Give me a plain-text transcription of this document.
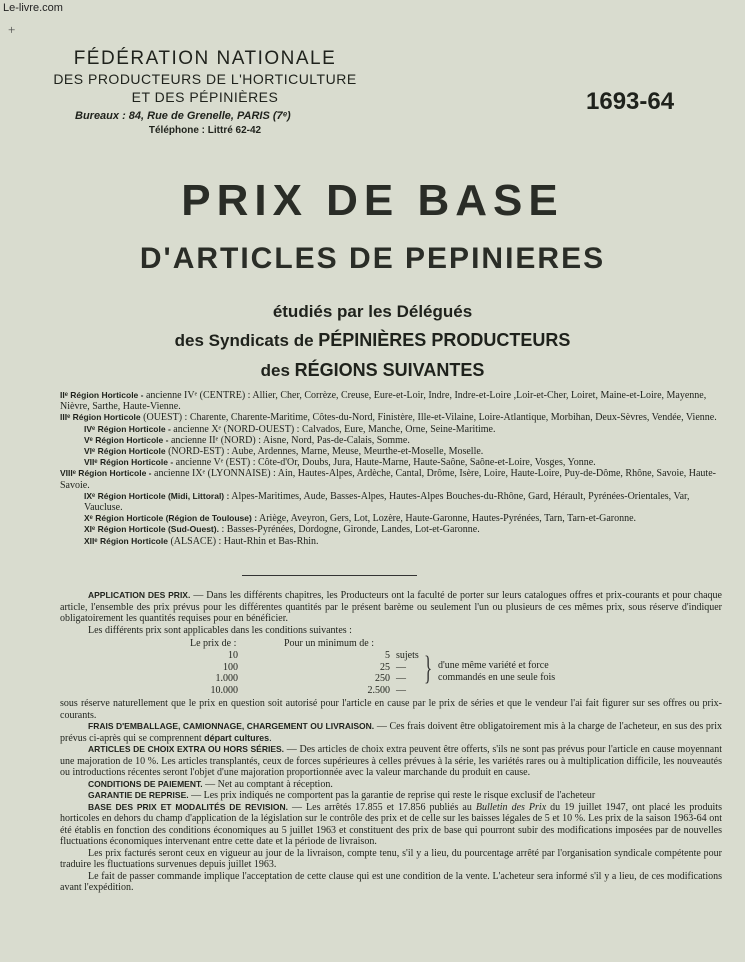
Le-livre.com
+
FÉDÉRATION NATIONALE
DES PRODUCTEURS DE L'HORTICULTURE
ET DES PÉPINIÈRES
Bureaux : 84, Rue de Grenelle, PARIS (7ᵉ)
Téléphone : Littré 62-42
1693-64
PRIX DE BASE
D'ARTICLES DE PEPINIERES
étudiés par les Délégués
des Syndicats de PÉPINIÈRES PRODUCTEURS
des RÉGIONS SUIVANTES

IIᵉ Région Horticole - ancienne IVᵉ (CENTRE) : Allier, Cher, Corrèze, Creuse, Eure-et-Loir, Indre, Indre-et-Loire ,Loir-et-Cher, Loiret, Maine-et-Loire, Mayenne, Nièvre, Sarthe, Haute-Vienne.

IIIᵉ Région Horticole (OUEST) : Charente, Charente-Maritime, Côtes-du-Nord, Finistère, Ille-et-Vilaine, Loire-Atlantique, Morbihan, Deux-Sèvres, Vendée, Vienne.

IVᵉ Région Horticole - ancienne Xᵉ (NORD-OUEST) : Calvados, Eure, Manche, Orne, Seine-Maritime.

Vᵉ Région Horticole - ancienne IIᵉ (NORD) : Aisne, Nord, Pas-de-Calais, Somme.

VIᵉ Région Horticole (NORD-EST) : Aube, Ardennes, Marne, Meuse, Meurthe-et-Moselle, Moselle.

VIIᵉ Région Horticole - ancienne Vᵉ (EST) : Côte-d'Or, Doubs, Jura, Haute-Marne, Haute-Saône, Saône-et-Loire, Vosges, Yonne.

VIIIᵉ Région Horticole - ancienne IXᵉ (LYONNAISE) : Ain, Hautes-Alpes, Ardèche, Cantal, Drôme, Isère, Loire, Haute-Loire, Puy-de-Dôme, Rhône, Savoie, Haute-Savoie.

IXᵉ Région Horticole (Midi, Littoral) : Alpes-Maritimes, Aude, Basses-Alpes, Hautes-Alpes Bouches-du-Rhône, Gard, Hérault, Pyrénées-Orientales, Var, Vaucluse.

Xᵉ Région Horticole (Région de Toulouse) : Ariège, Aveyron, Gers, Lot, Lozère, Haute-Garonne, Hautes-Pyrénées, Tarn, Tarn-et-Garonne.

XIᵉ Région Horticole (Sud-Ouest). : Basses-Pyrénées, Dordogne, Gironde, Landes, Lot-et-Garonne.

XIIᵉ Région Horticole (ALSACE) : Haut-Rhin et Bas-Rhin.

APPLICATION DES PRIX. — Dans les différents chapitres, les Producteurs ont la faculté de porter sur leurs catalogues offres et prix-courants et pour chaque article, l'ensemble des prix prévus pour les différentes quantités par le présent barème ou seulement l'un ou plusieurs de ces mêmes prix, sous réserve d'indiquer obligatoirement les quantités requises pour en bénéficier.

Les différents prix sont applicables dans les conditions suivantes :

Le prix de :	Pour un minimum de :
} d'une même variété et force
commandés en une seule fois
10	5 sujets
100	25 —
1.000	250 —
10.000	2.500 —

sous réserve naturellement que le prix en question soit autorisé pour l'article en cause par le prix de séries et que le vendeur l'ai fait figurer sur ses offres ou prix-courants.

FRAIS D'EMBALLAGE, CAMIONNAGE, CHARGEMENT OU LIVRAISON. — Ces frais doivent être obligatoirement mis à la charge de l'acheteur, en sus des prix prévus ci-après qui se comprennent départ cultures.

ARTICLES DE CHOIX EXTRA OU HORS SÉRIES. — Des articles de choix extra peuvent être offerts, s'ils ne sont pas prévus pour l'article en cause moyennant une majoration de 10 %. Les articles transplantés, ceux de forces supérieures à celles prévues à la série, les variétés rares ou à multiplication difficile, les nouveautés ou introductions récentes seront l'objet d'une majoration proportionnée avec la valeur marchande du produit en cause.

CONDITIONS DE PAIEMENT. — Net au comptant à réception.

GARANTIE DE REPRISE. — Les prix indiqués ne comportent pas la garantie de reprise qui reste le risque exclusif de l'acheteur

BASE DES PRIX ET MODALITÉS DE REVISION. — Les arrêtés 17.855 et 17.856 publiés au Bulletin des Prix du 19 juillet 1947, ont placé les produits horticoles en dehors du champ d'application de la législation sur le contrôle des prix et de celle sur les baisses légales de 5 et 10 %. Les prix de la saison 1963-64 ont été établis en fonction des conditions économiques au 5 juillet 1963 et constituent des prix de base qui pourront subir des modifications imposées par de nouvelles fluctuations économiques intervenant entre cette date et la période de livraison.

Les prix facturés seront ceux en vigueur au jour de la livraison, compte tenu, s'il y a lieu, du pourcentage arrêté par l'organisation syndicale compétente pour traduire les fluctuations survenues depuis juillet 1963.

Le fait de passer commande implique l'acceptation de cette clause qui est une condition de la vente. L'acheteur sera informé s'il y a lieu, de ces modifications avant l'expédition.
